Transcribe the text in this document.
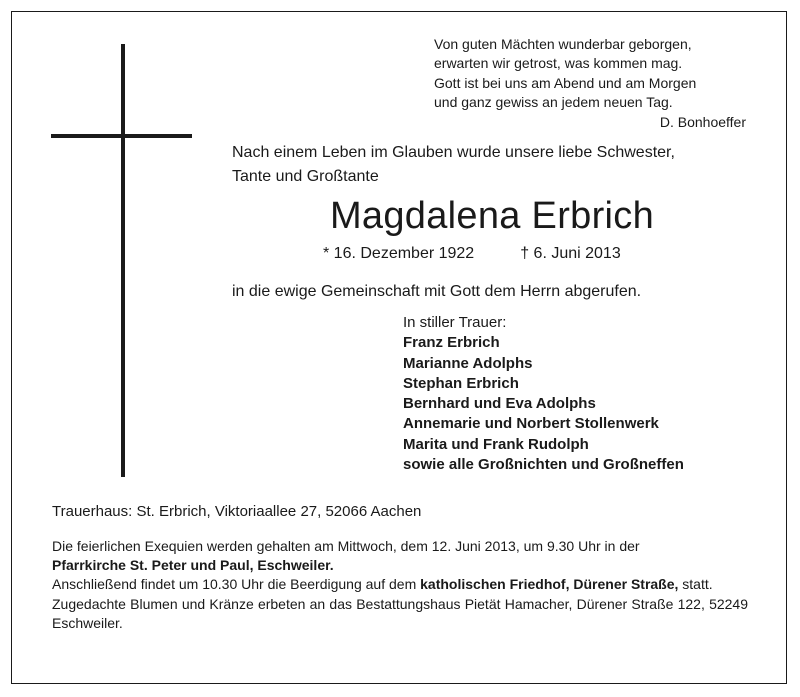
Von guten Mächten wunderbar geborgen,
erwarten wir getrost, was kommen mag.
Gott ist bei uns am Abend und am Morgen
und ganz gewiss an jedem neuen Tag.
D. Bonhoeffer
Nach einem Leben im Glauben wurde unsere liebe Schwester,
Tante und Großtante
Magdalena Erbrich
* 16. Dezember 1922	† 6. Juni 2013
in die ewige Gemeinschaft mit Gott dem Herrn abgerufen.
In stiller Trauer:
Franz Erbrich
Marianne Adolphs
Stephan Erbrich
Bernhard und Eva Adolphs
Annemarie und Norbert Stollenwerk
Marita und Frank Rudolph
sowie alle Großnichten und Großneffen
Trauerhaus: St. Erbrich, Viktoriaallee 27, 52066 Aachen
Die feierlichen Exequien werden gehalten am Mittwoch, dem 12. Juni 2013, um 9.30 Uhr in der
Pfarrkirche St. Peter und Paul, Eschweiler.
Anschließend findet um 10.30 Uhr die Beerdigung auf dem katholischen Friedhof, Dürener Straße, statt.
Zugedachte Blumen und Kränze erbeten an das Bestattungshaus Pietät Hamacher, Dürener Straße 122, 52249 Eschweiler.
